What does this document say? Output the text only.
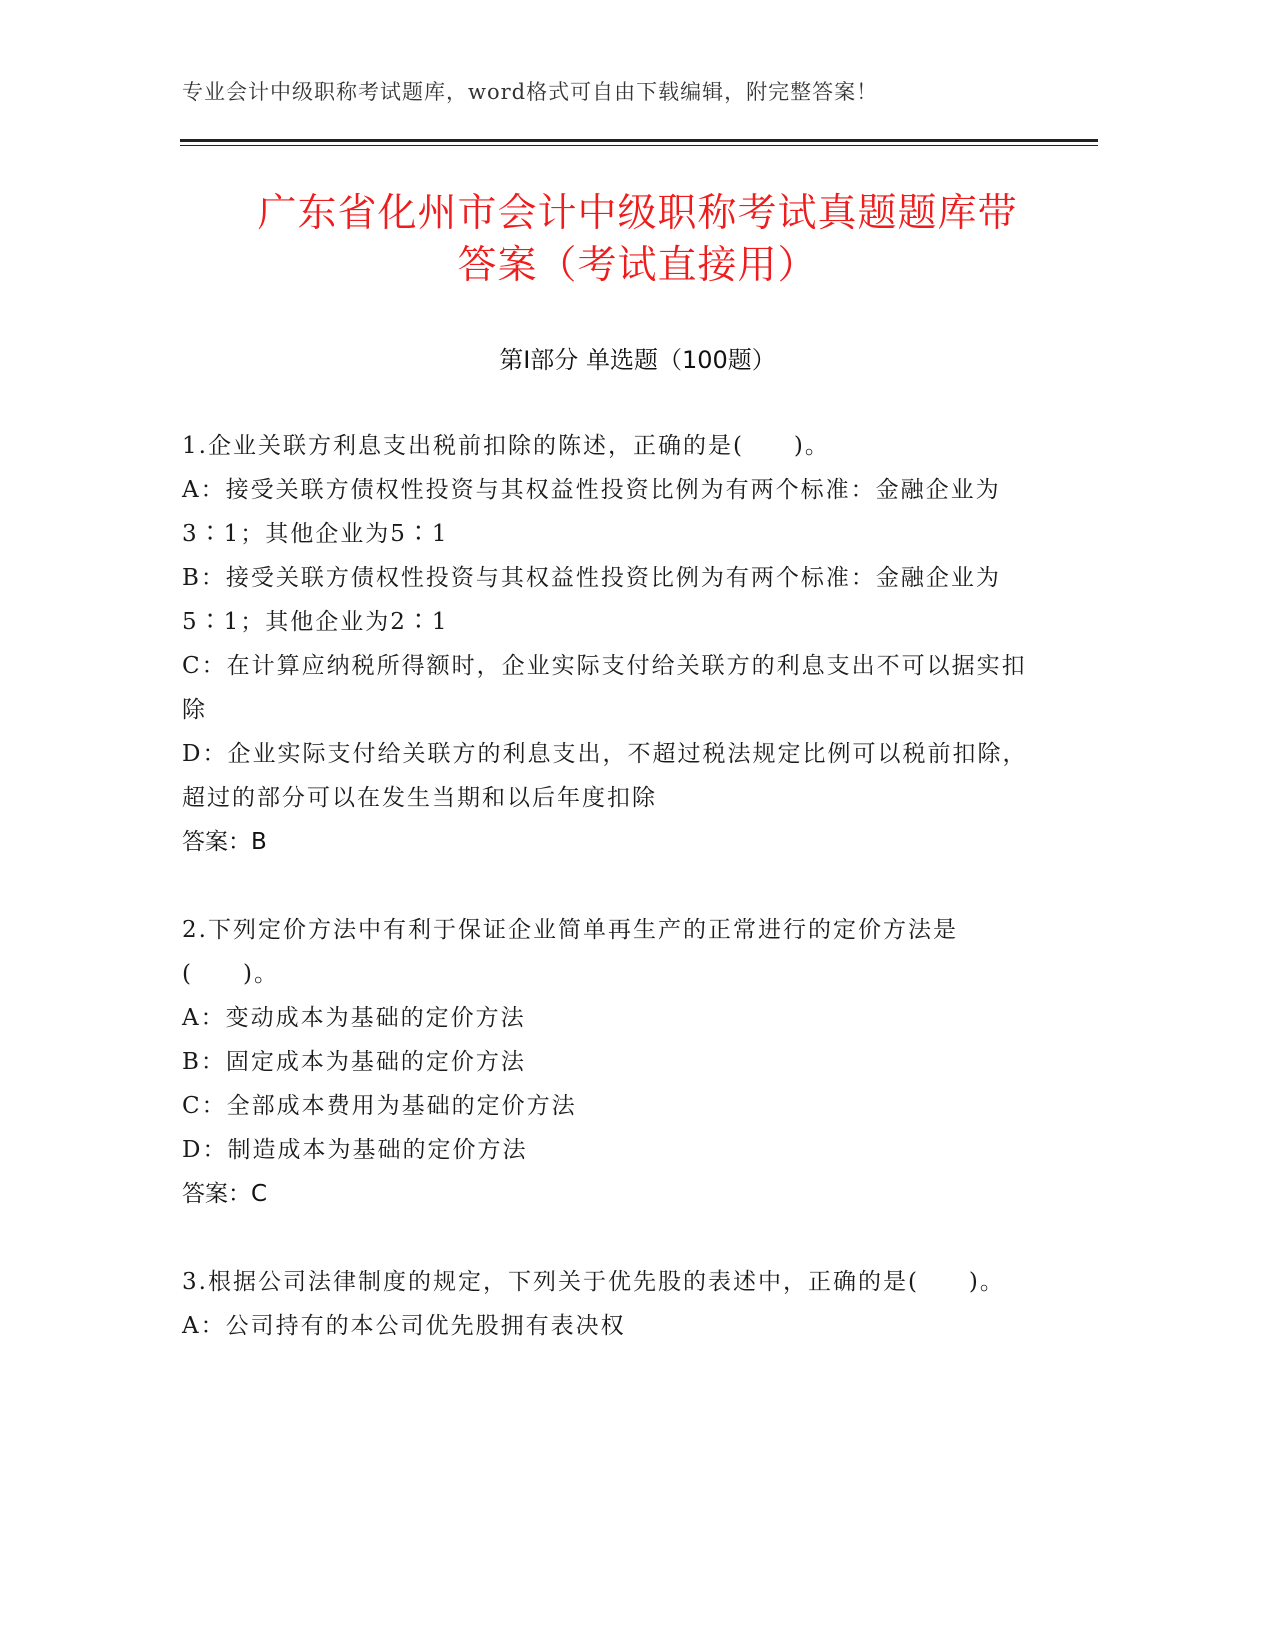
专业会计中级职称考试题库，word格式可自由下载编辑，附完整答案！
广东省化州市会计中级职称考试真题题库带
答案（考试直接用）
第Ⅰ部分 单选题（100题）

1.企业关联方利息支出税前扣除的陈述，正确的是(　　)。

A：接受关联方债权性投资与其权益性投资比例为有两个标准：金融企业为3∶1；其他企业为5∶1

B：接受关联方债权性投资与其权益性投资比例为有两个标准：金融企业为5∶1；其他企业为2∶1

C：在计算应纳税所得额时，企业实际支付给关联方的利息支出不可以据实扣除

D：企业实际支付给关联方的利息支出，不超过税法规定比例可以税前扣除，超过的部分可以在发生当期和以后年度扣除

答案：B

2.下列定价方法中有利于保证企业简单再生产的正常进行的定价方法是(　　)。

A：变动成本为基础的定价方法

B：固定成本为基础的定价方法

C：全部成本费用为基础的定价方法

D：制造成本为基础的定价方法

答案：C

3.根据公司法律制度的规定，下列关于优先股的表述中，正确的是(　　)。

A：公司持有的本公司优先股拥有表决权
